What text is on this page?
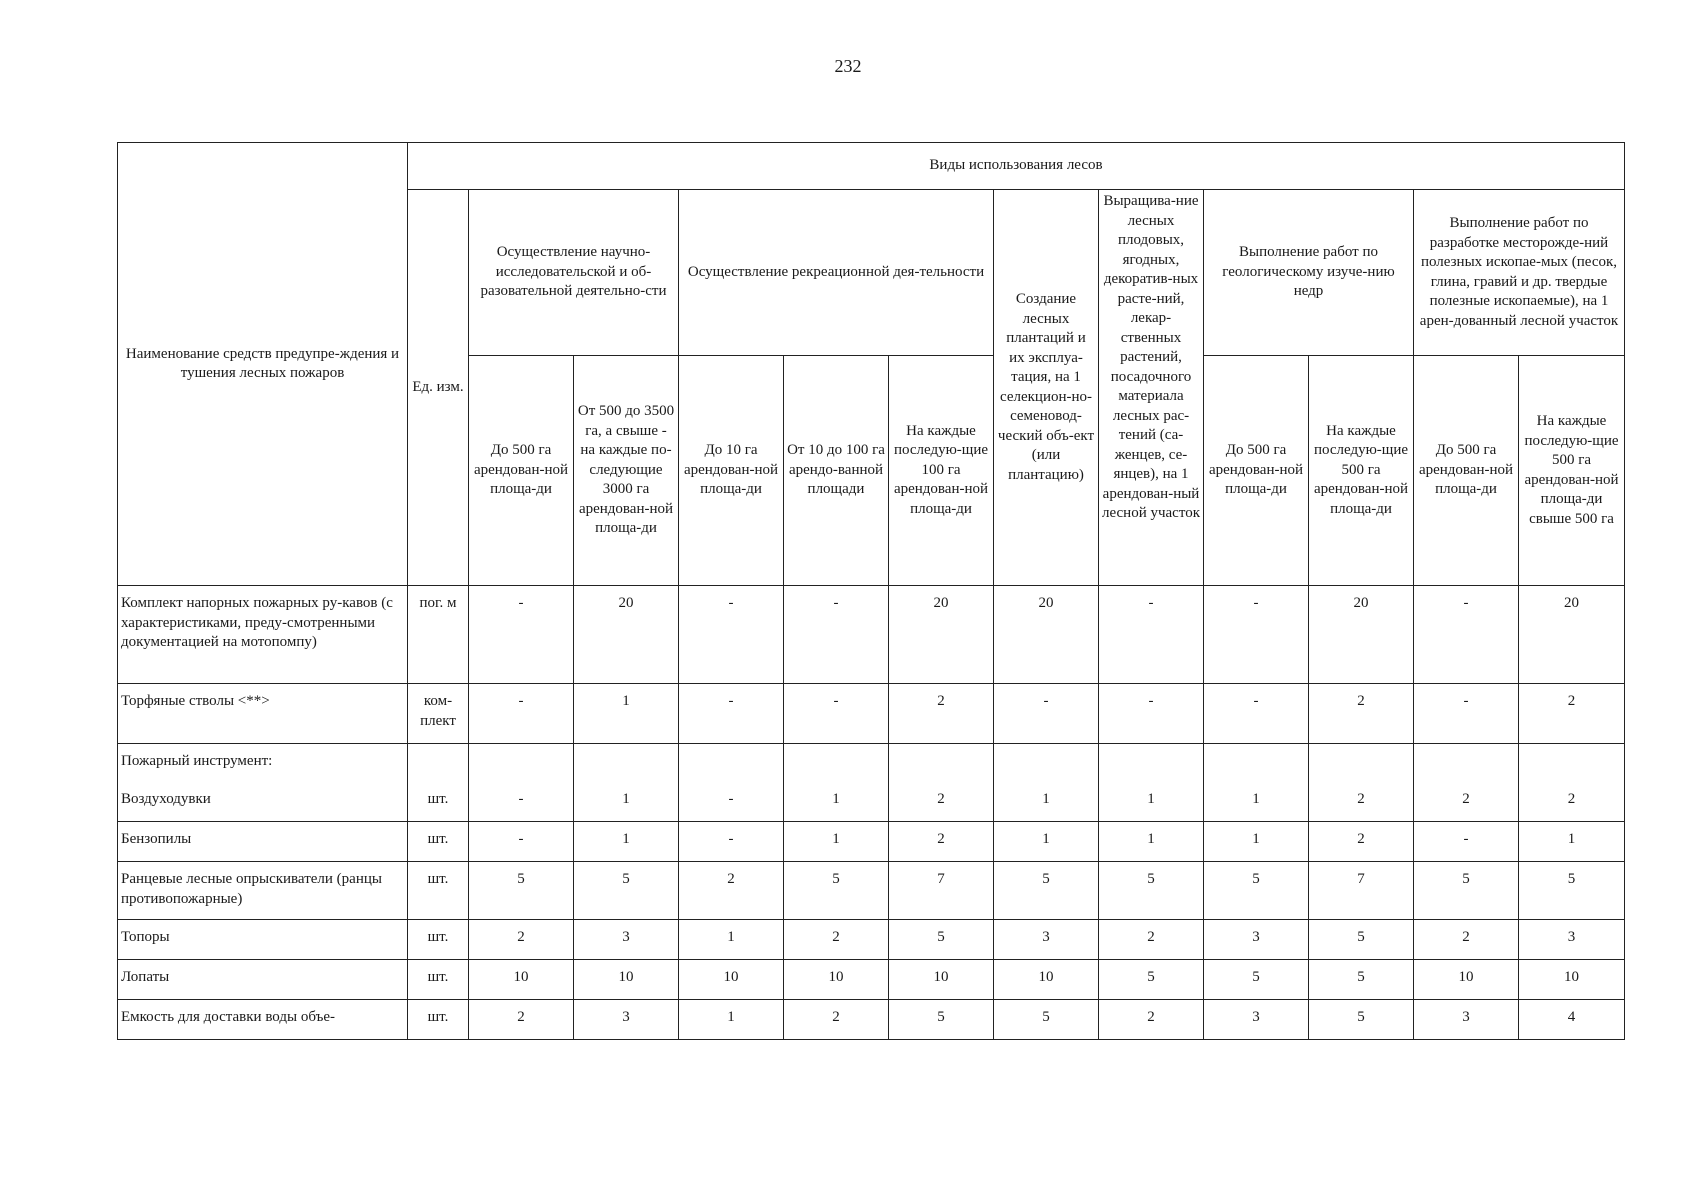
232
Наименование средств предупре-ждения и тушения лесных пожаров	Виды использования лесов											
	Ед. изм.	Осуществление научно-исследовательской и об-разовательной деятельно-сти		Осуществление рекреационной дея-тельности			Создание лесных плантаций и их эксплуа-тация, на 1 селекцион-но-семеновод-ческий объ-ект (или плантацию)	Выращива-ние лесных плодовых, ягодных, декоратив-ных расте-ний, лекар-ственных растений, посадочного материала лесных рас-тений (са-женцев, се-янцев), на 1 арендован-ный лесной участок	Выполнение работ по геологическому изуче-нию недр		Выполнение работ по разработке месторожде-ний полезных ископае-мых (песок, глина, гравий и др. твердые полезные ископаемые), на 1 арен-дованный лесной участок	
		До 500 га арендован-ной площа-ди	От 500 до 3500 га, а свыше - на каждые по-следующие 3000 га арендован-ной площа-ди	До 10 га арендован-ной площа-ди	От 10 до 100 га арендо-ванной площади	На каждые последую-щие 100 га арендован-ной площа-ди			До 500 га арендован-ной площа-ди	На каждые последую-щие 500 га арендован-ной площа-ди	До 500 га арендован-ной площа-ди	На каждые последую-щие 500 га арендован-ной площа-ди свыше 500 га
Комплект напорных пожарных ру-кавов (с характеристиками, преду-смотренными документацией на мотопомпу)	пог. м	-	20	-	-	20	20	-	-	20	-	20
Торфяные стволы <**>	ком-плект	-	1	-	-	2	-	-	-	2	-	2
Пожарный инструмент:												
Воздуходувки	шт.	-	1	-	1	2	1	1	1	2	2	2
Бензопилы	шт.	-	1	-	1	2	1	1	1	2	-	1
Ранцевые лесные опрыскиватели (ранцы противопожарные)	шт.	5	5	2	5	7	5	5	5	7	5	5
Топоры	шт.	2	3	1	2	5	3	2	3	5	2	3
Лопаты	шт.	10	10	10	10	10	10	5	5	5	10	10
Емкость для доставки воды объе-	шт.	2	3	1	2	5	5	2	3	5	3	4
